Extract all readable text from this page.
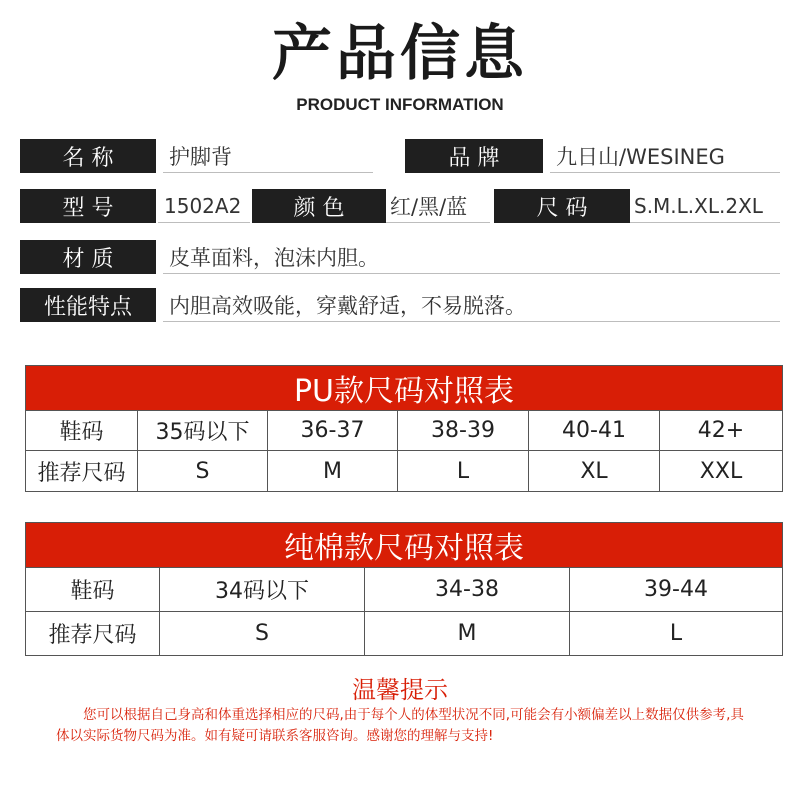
产品信息
PRODUCT INFORMATION
名 称	护脚背	品 牌	九日山/WESINEG
型 号	1502A2	颜 色	红/黑/蓝	尺 码	S.M.L.XL.2XL
材 质	皮革面料，泡沫内胆。
性能特点	内胆高效吸能，穿戴舒适，不易脱落。
PU款尺码对照表					
鞋码	35码以下	36-37	38-39	40-41	42+
推荐尺码	S	M	L	XL	XXL
纯棉款尺码对照表			
鞋码	34码以下	34-38	39-44
推荐尺码	S	M	L
温馨提示
您可以根据自己身高和体重选择相应的尺码,由于每个人的体型状况不同,可能会有小额偏差以上数据仅供参考,具体以实际货物尺码为准。如有疑可请联系客服咨询。感谢您的理解与支持!
